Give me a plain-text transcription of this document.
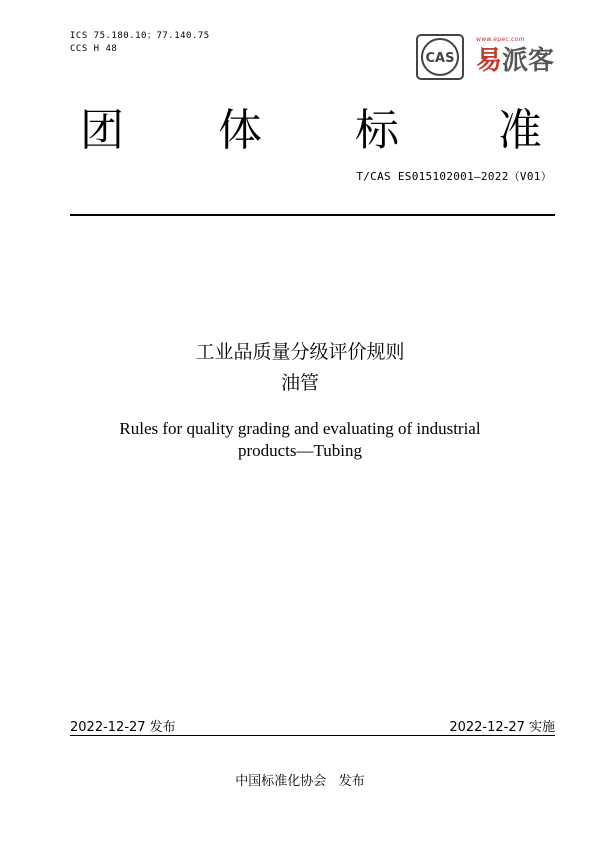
ICS 75.180.10；77.140.75
CCS H 48
CAS
www.epec.com
易派客
团 体 标 准
T/CAS ES015102001—2022（V01）
工业品质量分级评价规则
油管
Rules for quality grading and evaluating of industrial
products—Tubing
2022-12-27 发布	2022-12-27 实施
中国标准化协会   发布
